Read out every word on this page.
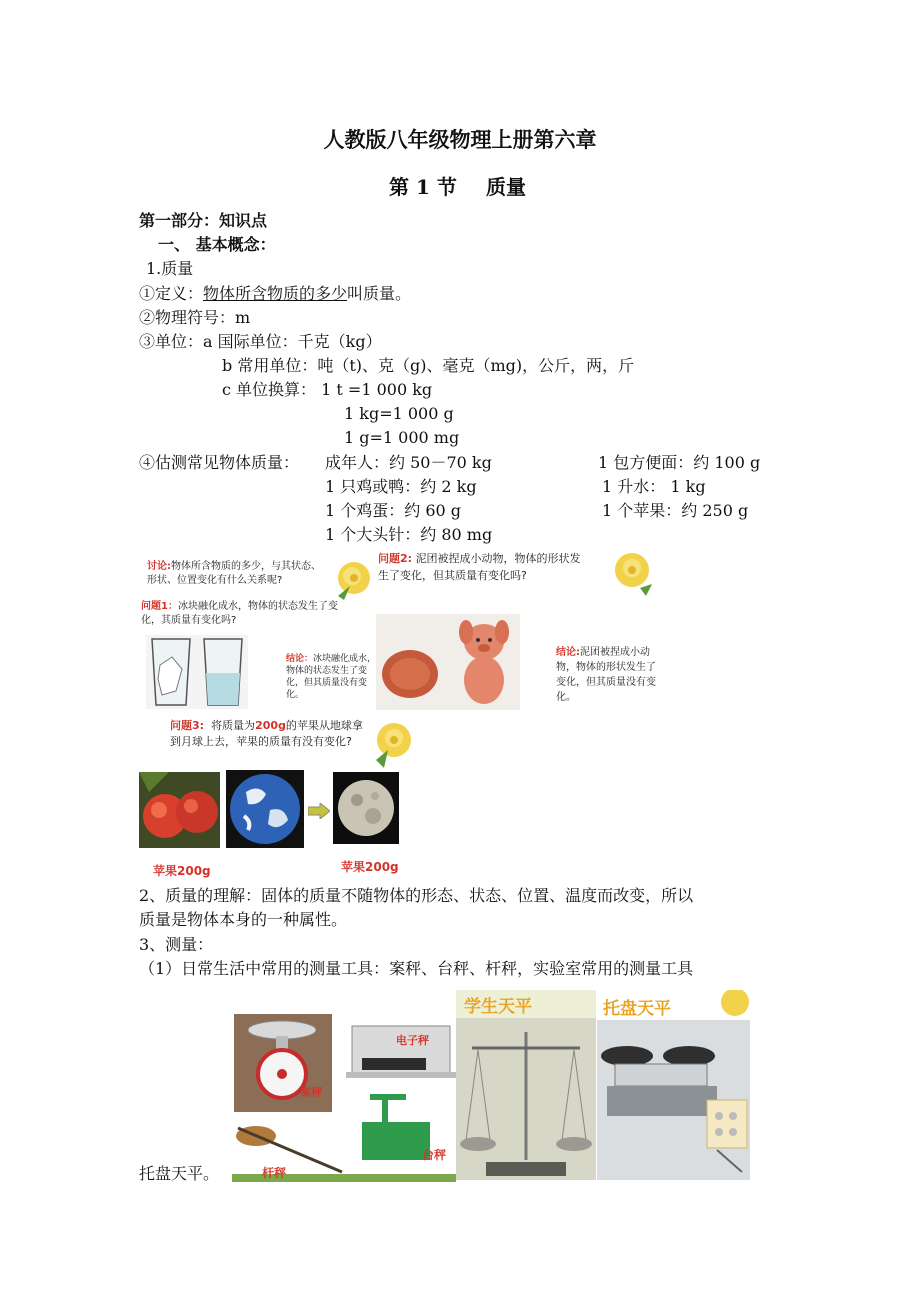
人教版八年级物理上册第六章
第 1 节 质量
第一部分：知识点
一、 基本概念：
1.质量
①定义：物体所含物质的多少叫质量。
②物理符号：m
③单位：a 国际单位：千克（kg）
b 常用单位：吨（t)、克（g)、毫克（mg)，公斤，两，斤
c 单位换算： 1 t =1 000 kg
1 kg=1 000 g
1 g=1 000 mg
④估测常见物体质量： 成年人：约 50－70 kg	1 包方便面：约 100 g
1 只鸡或鸭：约 2 kg	1 升水： 1 kg
1 个鸡蛋：约 60 g	1 个苹果：约 250 g
1 个大头针：约 80 mg
讨论:物体所含物质的多少，与其状态、形状、位置变化有什么关系呢?
问题1：冰块融化成水，物体的状态发生了变化，其质量有变化吗?
结论：冰块融化成水，物体的状态发生了变化，但其质量没有变化。
问题2: 泥团被捏成小动物，物体的形状发生了变化，但其质量有变化吗?
结论:泥团被捏成小动物，物体的形状发生了变化，但其质量没有变化。
问题3: 将质量为200g的苹果从地球拿到月球上去，苹果的质量有没有变化?
苹果200g	苹果200g
2、质量的理解：固体的质量不随物体的形态、状态、位置、温度而改变，所以
质量是物体本身的一种属性。
3、测量：
（1）日常生活中常用的测量工具：案秤、台秤、杆秤，实验室常用的测量工具
电子秤
案秤
台秤
杆秤
学生天平	托盘天平
托盘天平。
